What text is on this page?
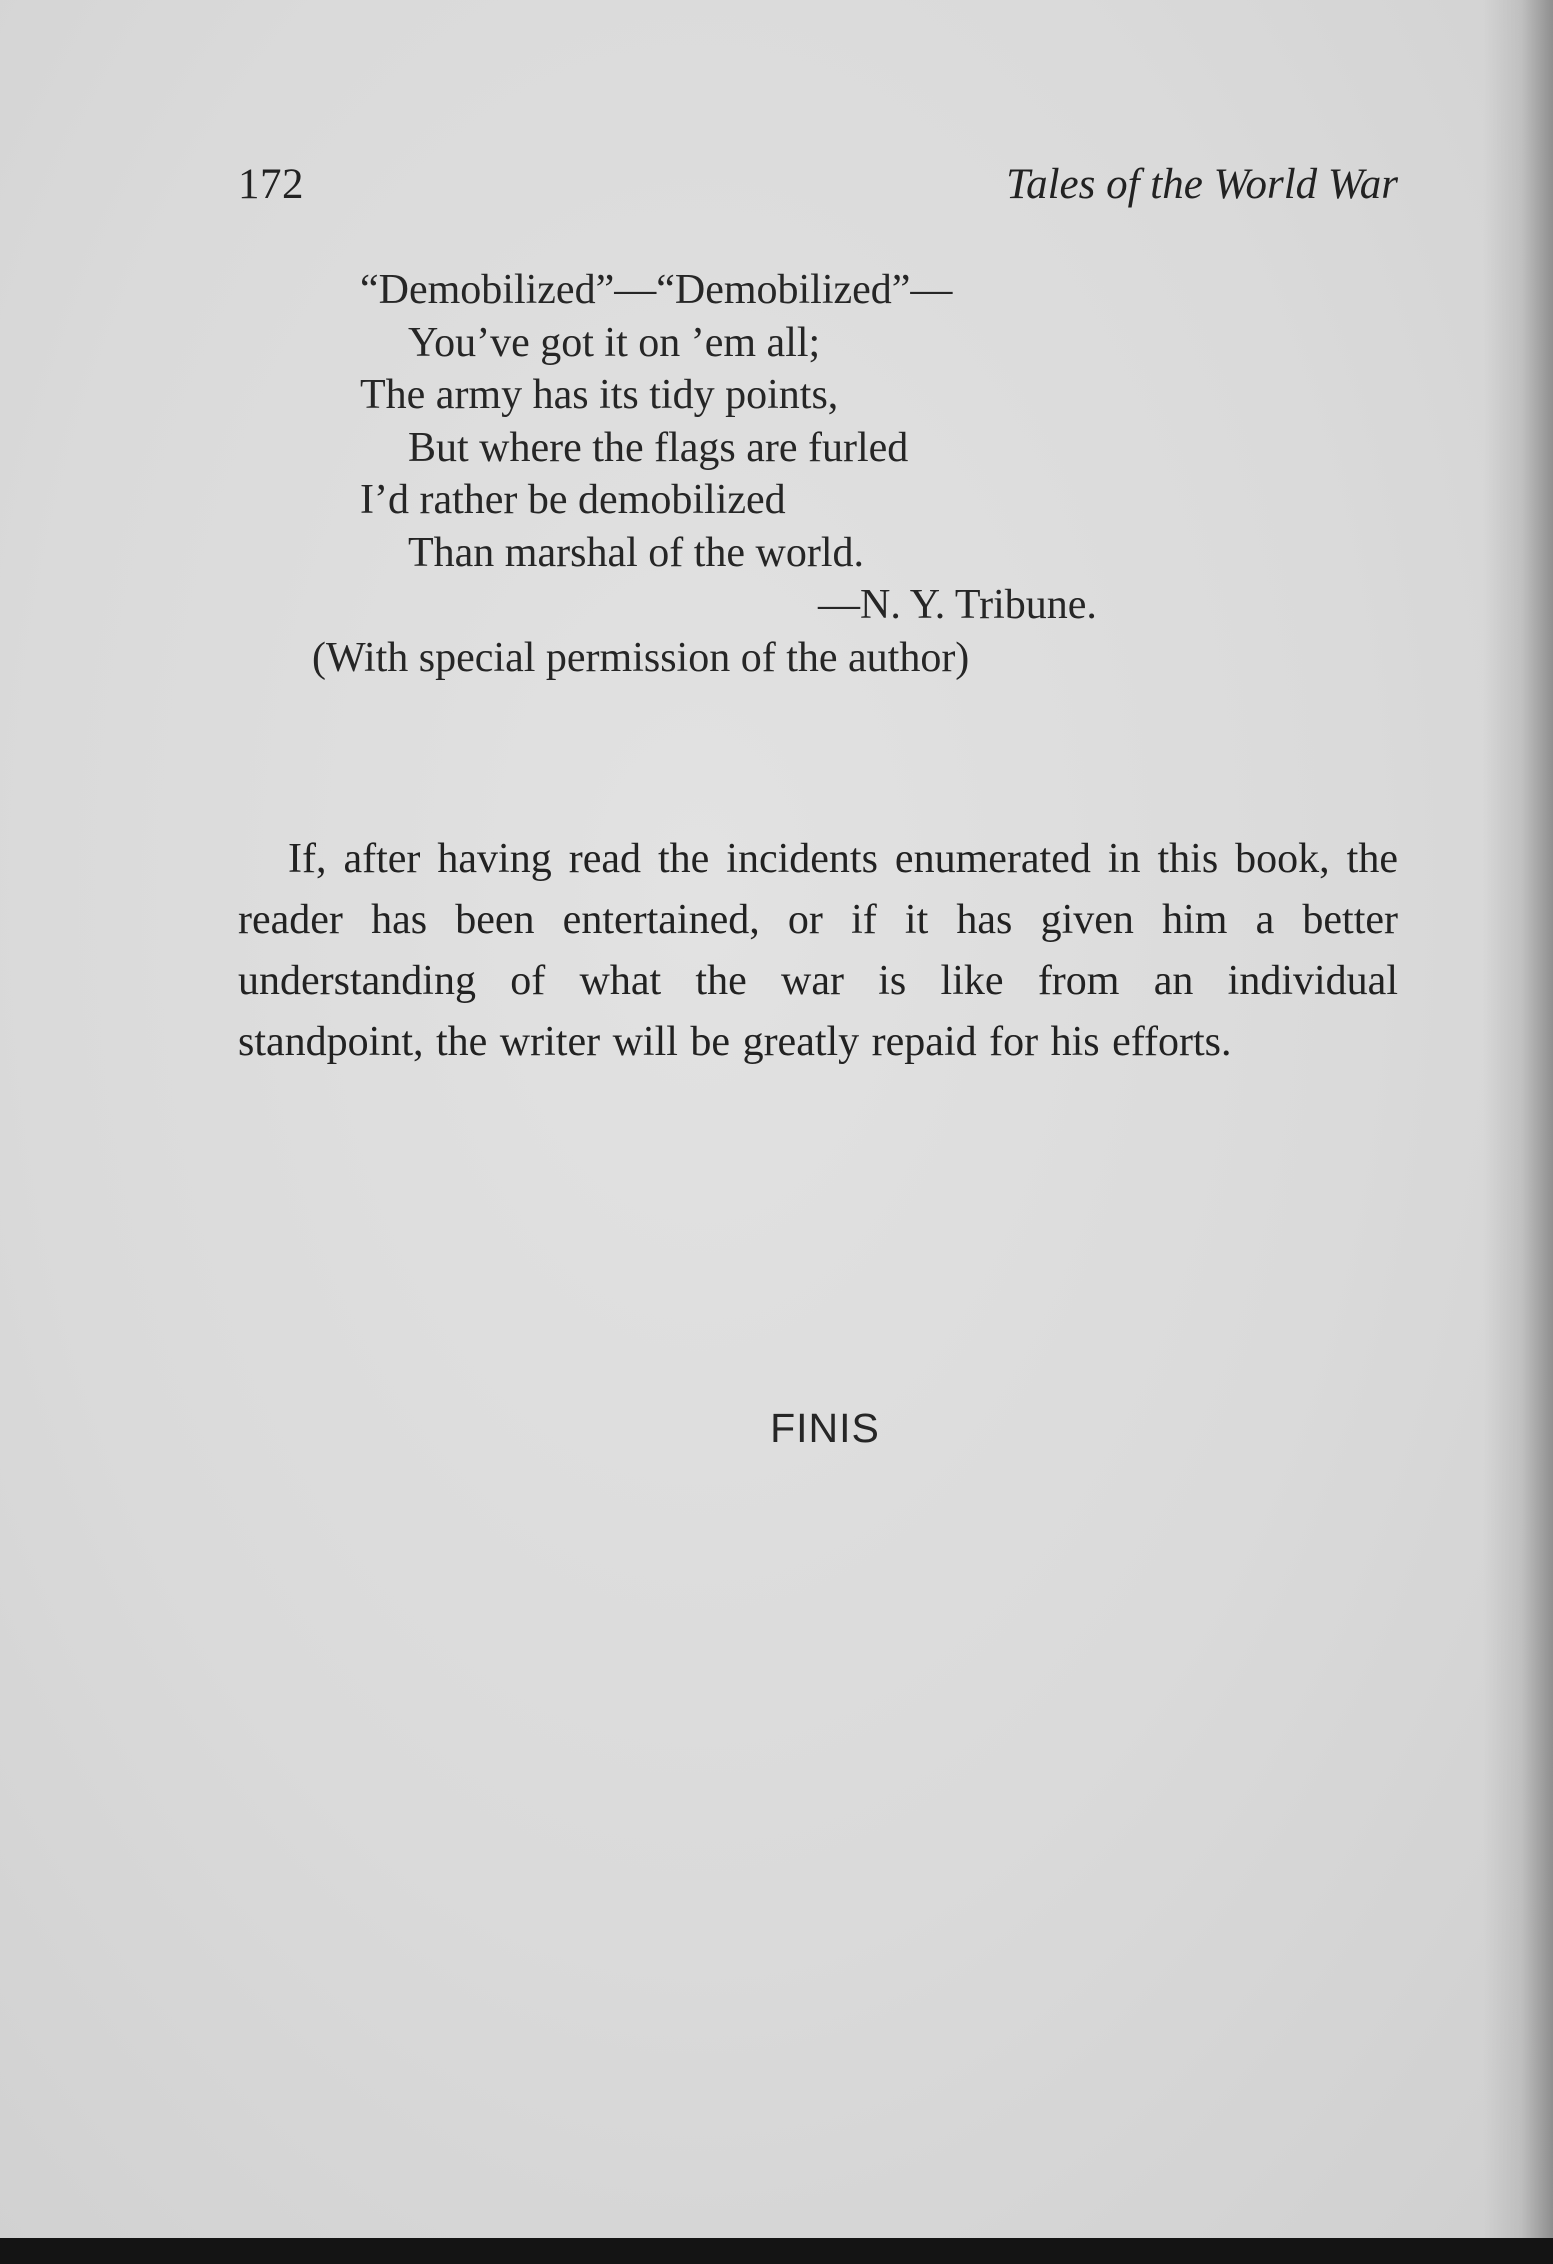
172	Tales of the World War
“Demobilized”—“Demobilized”—
You’ve got it on ’em all;
The army has its tidy points,
But where the flags are furled
I’d rather be demobilized
Than marshal of the world.
—N. Y. Tribune.
(With special permission of the author)

If, after having read the incidents enumerated in this book, the reader has been entertained, or if it has given him a better understanding of what the war is like from an individual standpoint, the writer will be greatly repaid for his efforts.

FINIS
